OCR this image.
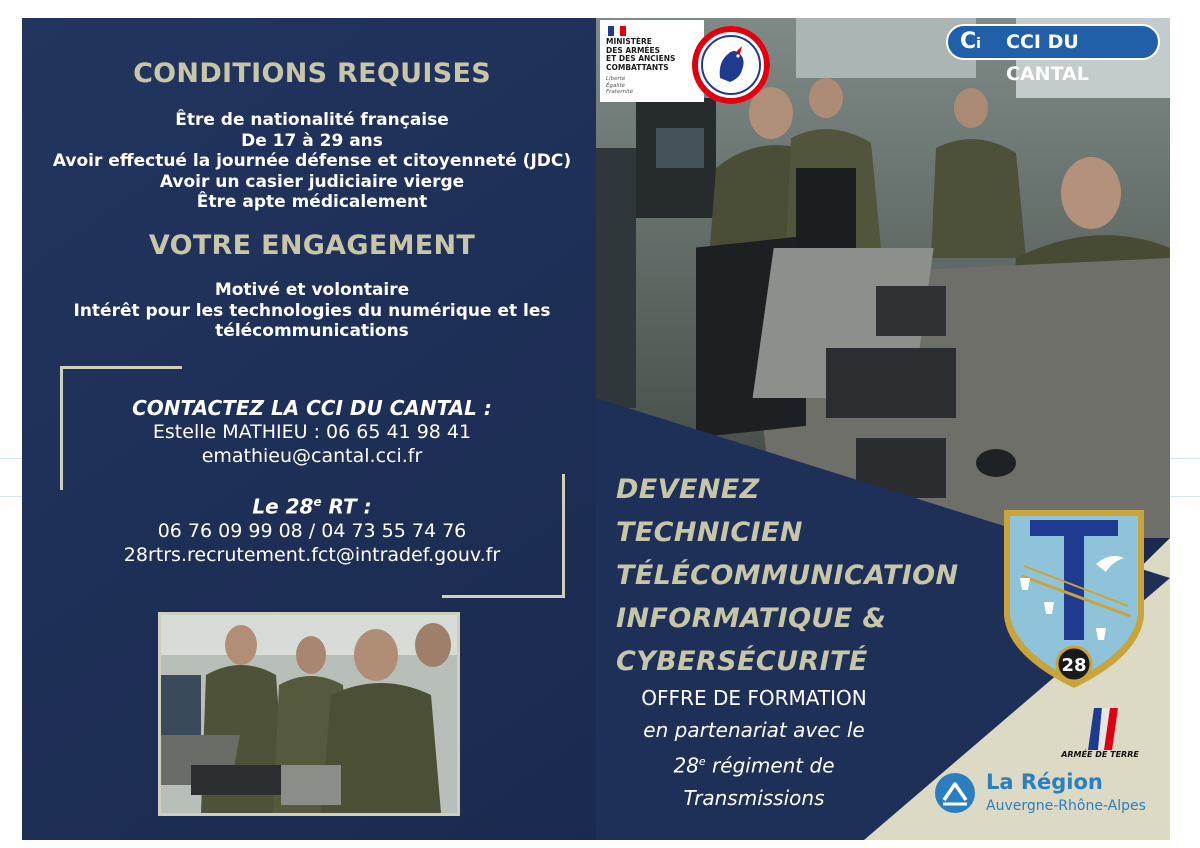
CONDITIONS REQUISES
Être de nationalité française
De 17 à 29 ans
Avoir effectué la journée défense et citoyenneté (JDC)
Avoir un casier judiciaire vierge
Être apte médicalement
VOTRE ENGAGEMENT
Motivé et volontaire
Intérêt pour les technologies du numérique et les
télécommunications
CONTACTEZ LA CCI DU CANTAL :
Estelle MATHIEU : 06 65 41 98 41
emathieu@cantal.cci.fr
Le 28e RT :
06 76 09 99 08 / 04 73 55 74 76
28rtrs.recrutement.fct@intradef.gouv.fr
DEVENEZ
TECHNICIEN
TÉLÉCOMMUNICATION
INFORMATIQUE &
CYBERSÉCURITÉ
OFFRE DE FORMATION
en partenariat avec le
28e régiment de Transmissions
MINISTÈRE
DES ARMÉES
ET DES ANCIENS
COMBATTANTS
Liberté
Égalité
Fraternité
Ci	CCI DU CANTAL
28
ARMÉE DE TERRE
La Région
Auvergne-Rhône-Alpes
